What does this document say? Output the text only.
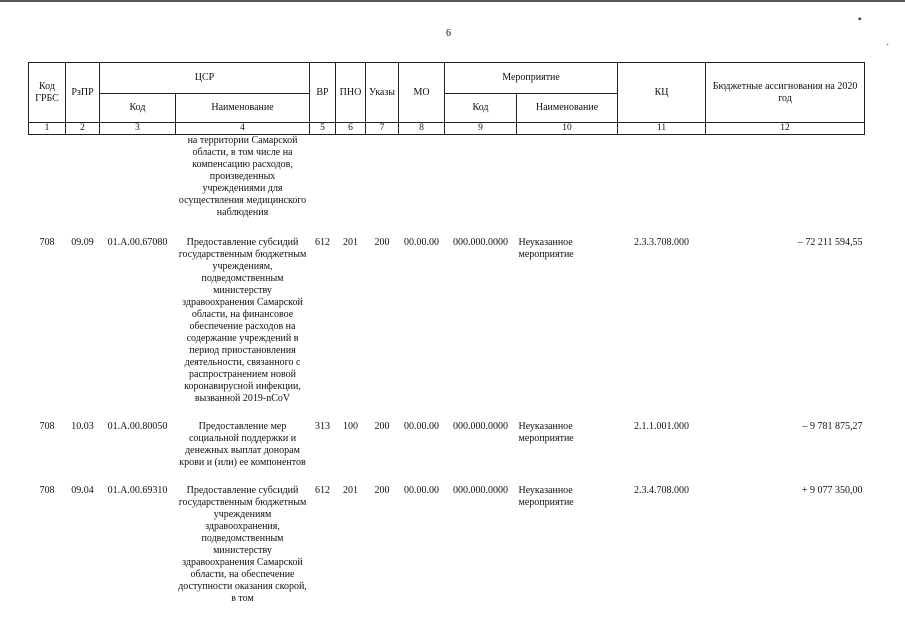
6
▪
·
Код ГРБС	РзПР	ЦСР		ВР	ПНО	Указы	МО	Мероприятие		КЦ	Бюджетные ассигнования на 2020 год
		Код	Наименование					Код	Наименование		
1	2	3	4	5	6	7	8	9	10	11	12
			на территории Самарской области, в том числе на компенсацию расходов, произведенных учреждениями для осуществления медицинского наблюдения								
708	09.09	01.А.00.67080	Предоставление субсидий государственным бюджетным учреждениям, подведомственным министерству здравоохранения Самарской области, на финансовое обеспечение расходов на содержание учреждений в период приостановления деятельности, связанного с распространением новой коронавирусной инфекции, вызванной 2019-nCoV	612	201	200	00.00.00	000.000.0000	Неуказанное мероприятие	2.3.3.708.000	– 72 211 594,55
708	10.03	01.А.00.80050	Предоставление мер социальной поддержки и денежных выплат донорам крови и (или) ее компонентов	313	100	200	00.00.00	000.000.0000	Неуказанное мероприятие	2.1.1.001.000	– 9 781 875,27
708	09.04	01.А.00.69310	Предоставление субсидий государственным бюджетным учреждениям здравоохранения, подведомственным министерству здравоохранения Самарской области, на обеспечение доступности оказания скорой, в том	612	201	200	00.00.00	000.000.0000	Неуказанное мероприятие	2.3.4.708.000	+ 9 077 350,00
